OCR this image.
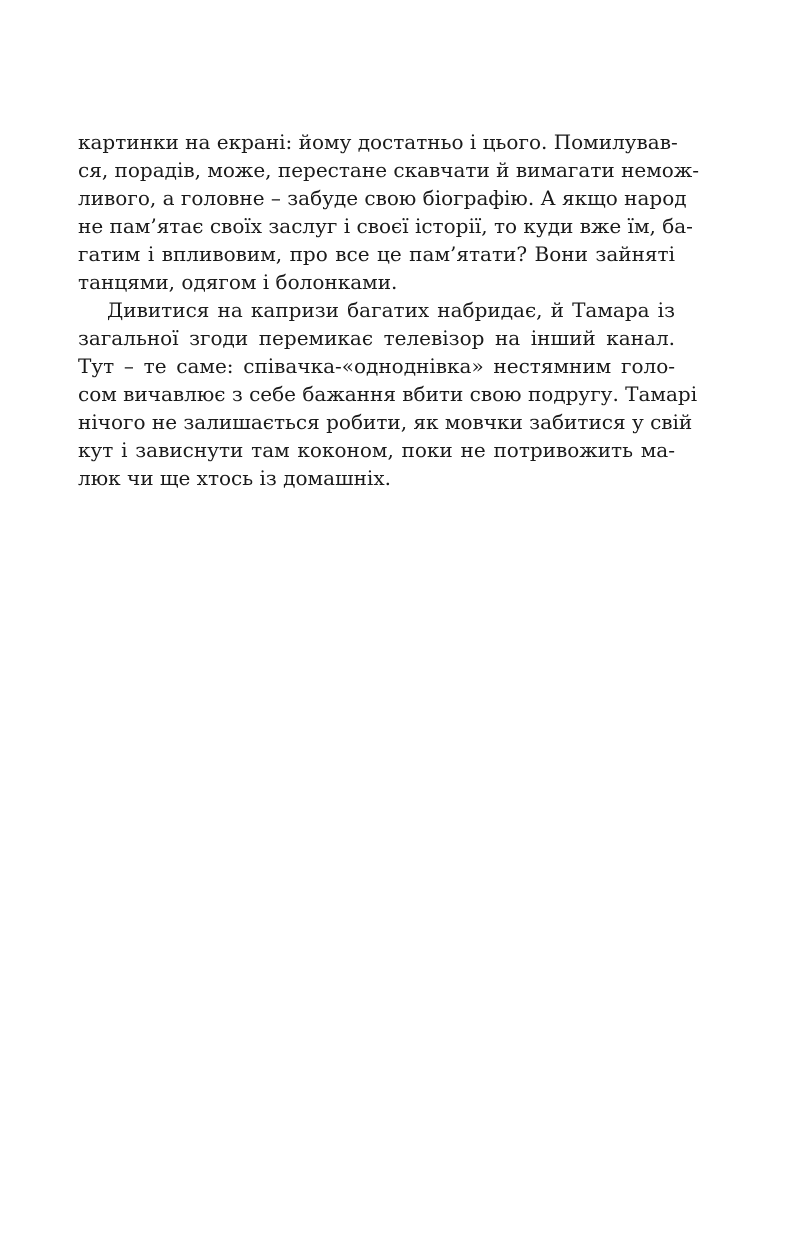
картинки на екрані: йому достатньо і цього. Помилував-
ся, порадів, може, перестане скавчати й вимагати немож-
ливого, а головне – забуде свою біографію. А якщо народ
не пам’ятає своїх заслуг і своєї історії, то куди вже їм, ба-
гатим і впливовим, про все це пам’ятати? Вони зайняті
танцями, одягом і болонками.
Дивитися на капризи багатих набридає, й Тамара із
загальної згоди перемикає телевізор на інший канал.
Тут – те саме: співачка-«одноднівка» нестямним голо-
сом вичавлює з себе бажання вбити свою подругу. Тамарі
нічого не залишається робити, як мовчки забитися у свій
кут і зависнути там коконом, поки не потривожить ма-
люк чи ще хтось із домашніх.
